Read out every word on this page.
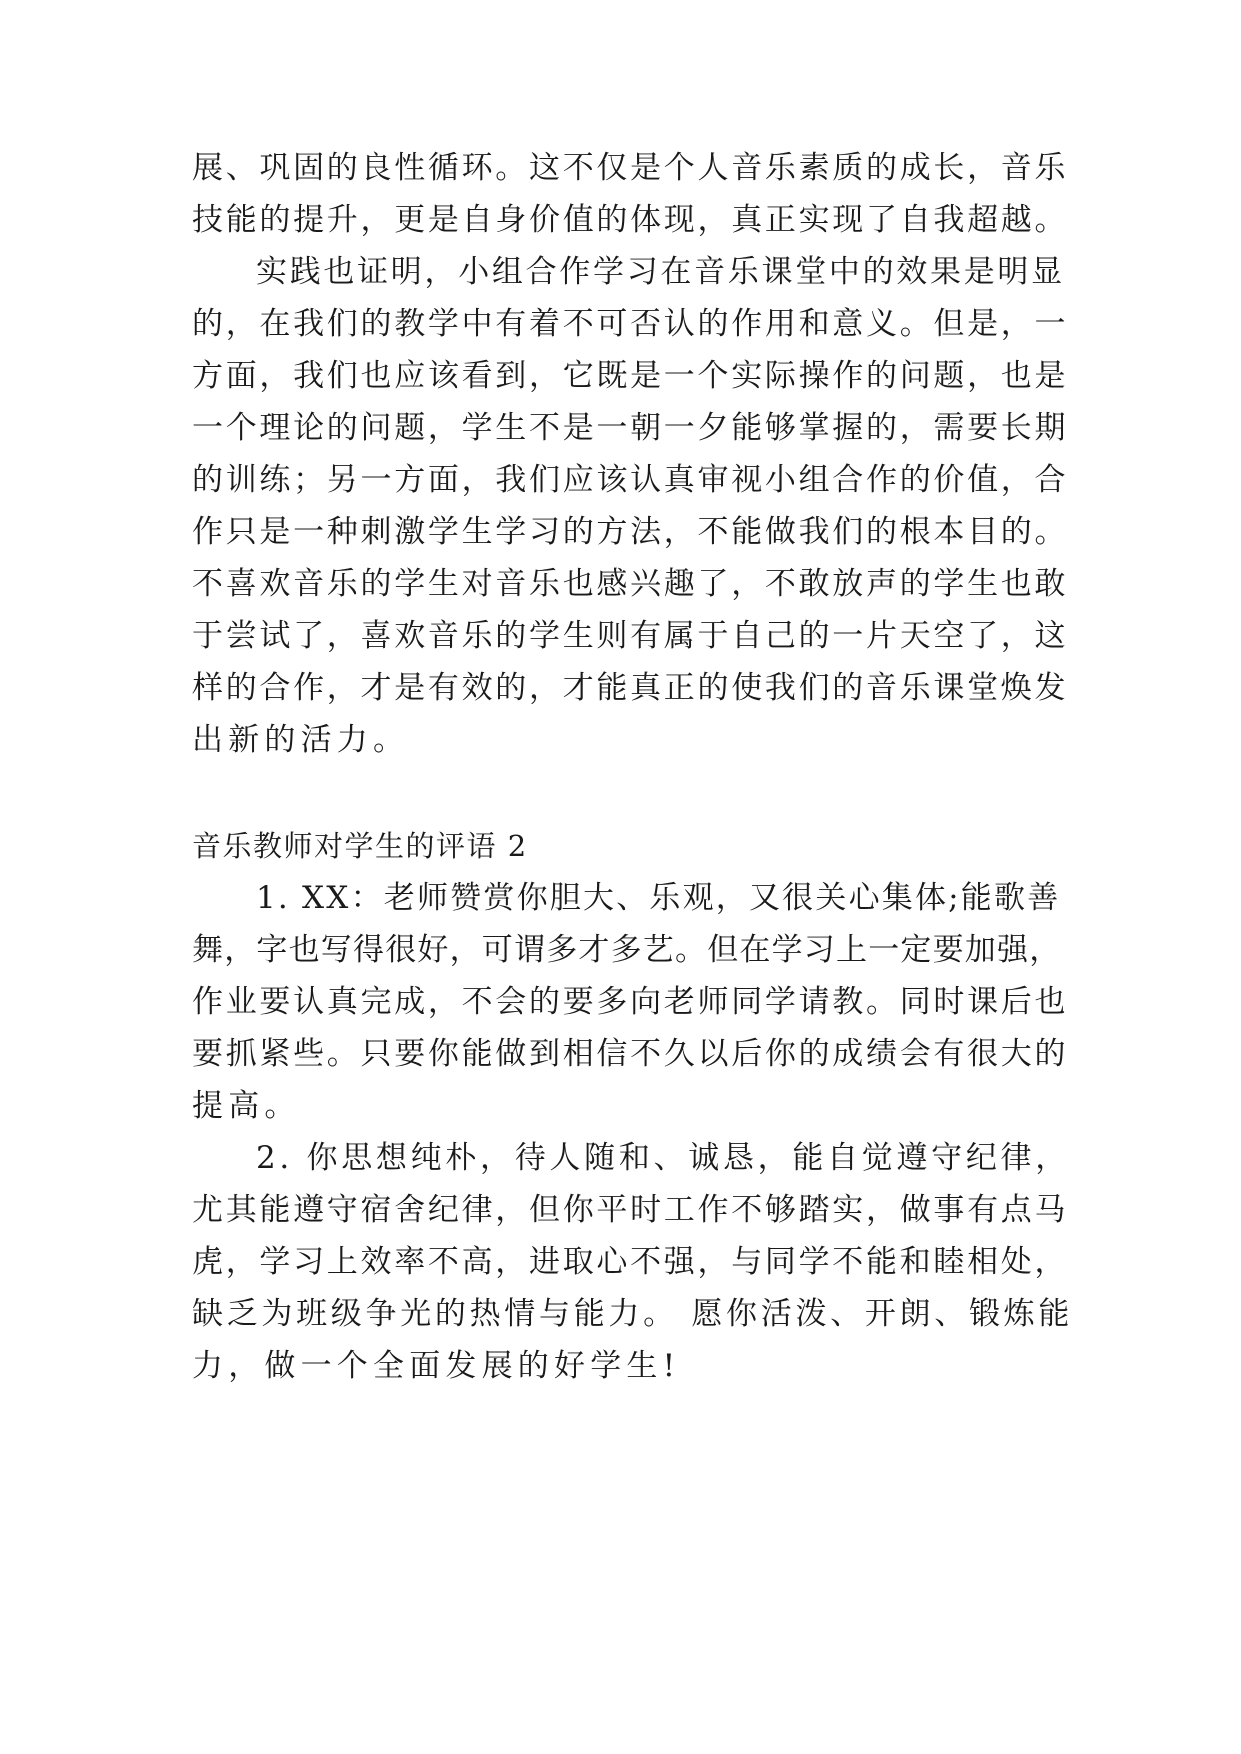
展、巩固的良性循环。这不仅是个人音乐素质的成长，音乐
技能的提升，更是自身价值的体现，真正实现了自我超越。
实践也证明，小组合作学习在音乐课堂中的效果是明显
的，在我们的教学中有着不可否认的作用和意义。但是，一
方面，我们也应该看到，它既是一个实际操作的问题，也是
一个理论的问题，学生不是一朝一夕能够掌握的，需要长期
的训练；另一方面，我们应该认真审视小组合作的价值，合
作只是一种刺激学生学习的方法，不能做我们的根本目的。
不喜欢音乐的学生对音乐也感兴趣了，不敢放声的学生也敢
于尝试了，喜欢音乐的学生则有属于自己的一片天空了，这
样的合作，才是有效的，才能真正的使我们的音乐课堂焕发
出新的活力。
音乐教师对学生的评语 2
1. XX：老师赞赏你胆大、乐观，又很关心集体;能歌善
舞，字也写得很好，可谓多才多艺。但在学习上一定要加强，
作业要认真完成，不会的要多向老师同学请教。同时课后也
要抓紧些。只要你能做到相信不久以后你的成绩会有很大的
提高。
2. 你思想纯朴，待人随和、诚恳，能自觉遵守纪律，
尤其能遵守宿舍纪律，但你平时工作不够踏实，做事有点马
虎，学习上效率不高，进取心不强，与同学不能和睦相处，
缺乏为班级争光的热情与能力。 愿你活泼、开朗、锻炼能
力，做一个全面发展的好学生!
